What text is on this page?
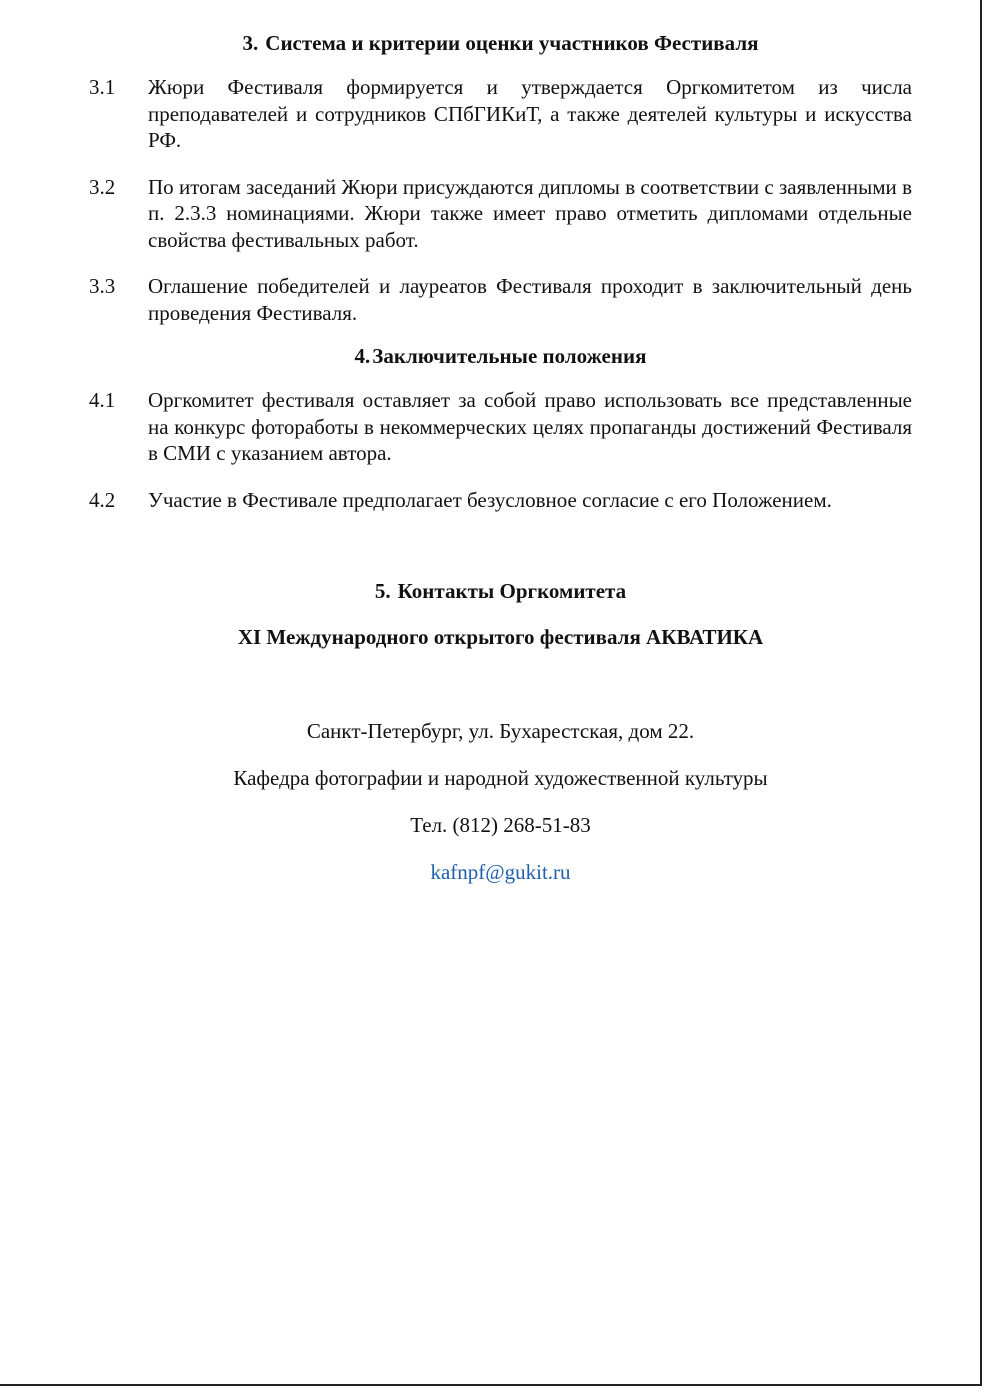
3. Система и критерии оценки участников Фестиваля

3.1	Жюри Фестиваля формируется и утверждается Оргкомитетом из числа преподавателей и сотрудников СПбГИКиТ, а также деятелей культуры и искусства РФ.
3.2	По итогам заседаний Жюри присуждаются дипломы в соответствии с заявленными в п. 2.3.3 номинациями. Жюри также имеет право отметить дипломами отдельные свойства фестивальных работ.
3.3	Оглашение победителей и лауреатов Фестиваля проходит в заключительный день проведения Фестиваля.

4.Заключительные положения

4.1	Оргкомитет фестиваля оставляет за собой право использовать все представленные на конкурс фотоработы в некоммерческих целях пропаганды достижений Фестиваля в СМИ с указанием автора.
4.2	Участие в Фестивале предполагает безусловное согласие с его Положением.

5. Контакты Оргкомитета

XI Международного открытого фестиваля АКВАТИКА

Санкт-Петербург, ул. Бухарестская, дом 22.
Кафедра фотографии и народной художественной культуры
Тел. (812) 268-51-83
kafnpf@gukit.ru
